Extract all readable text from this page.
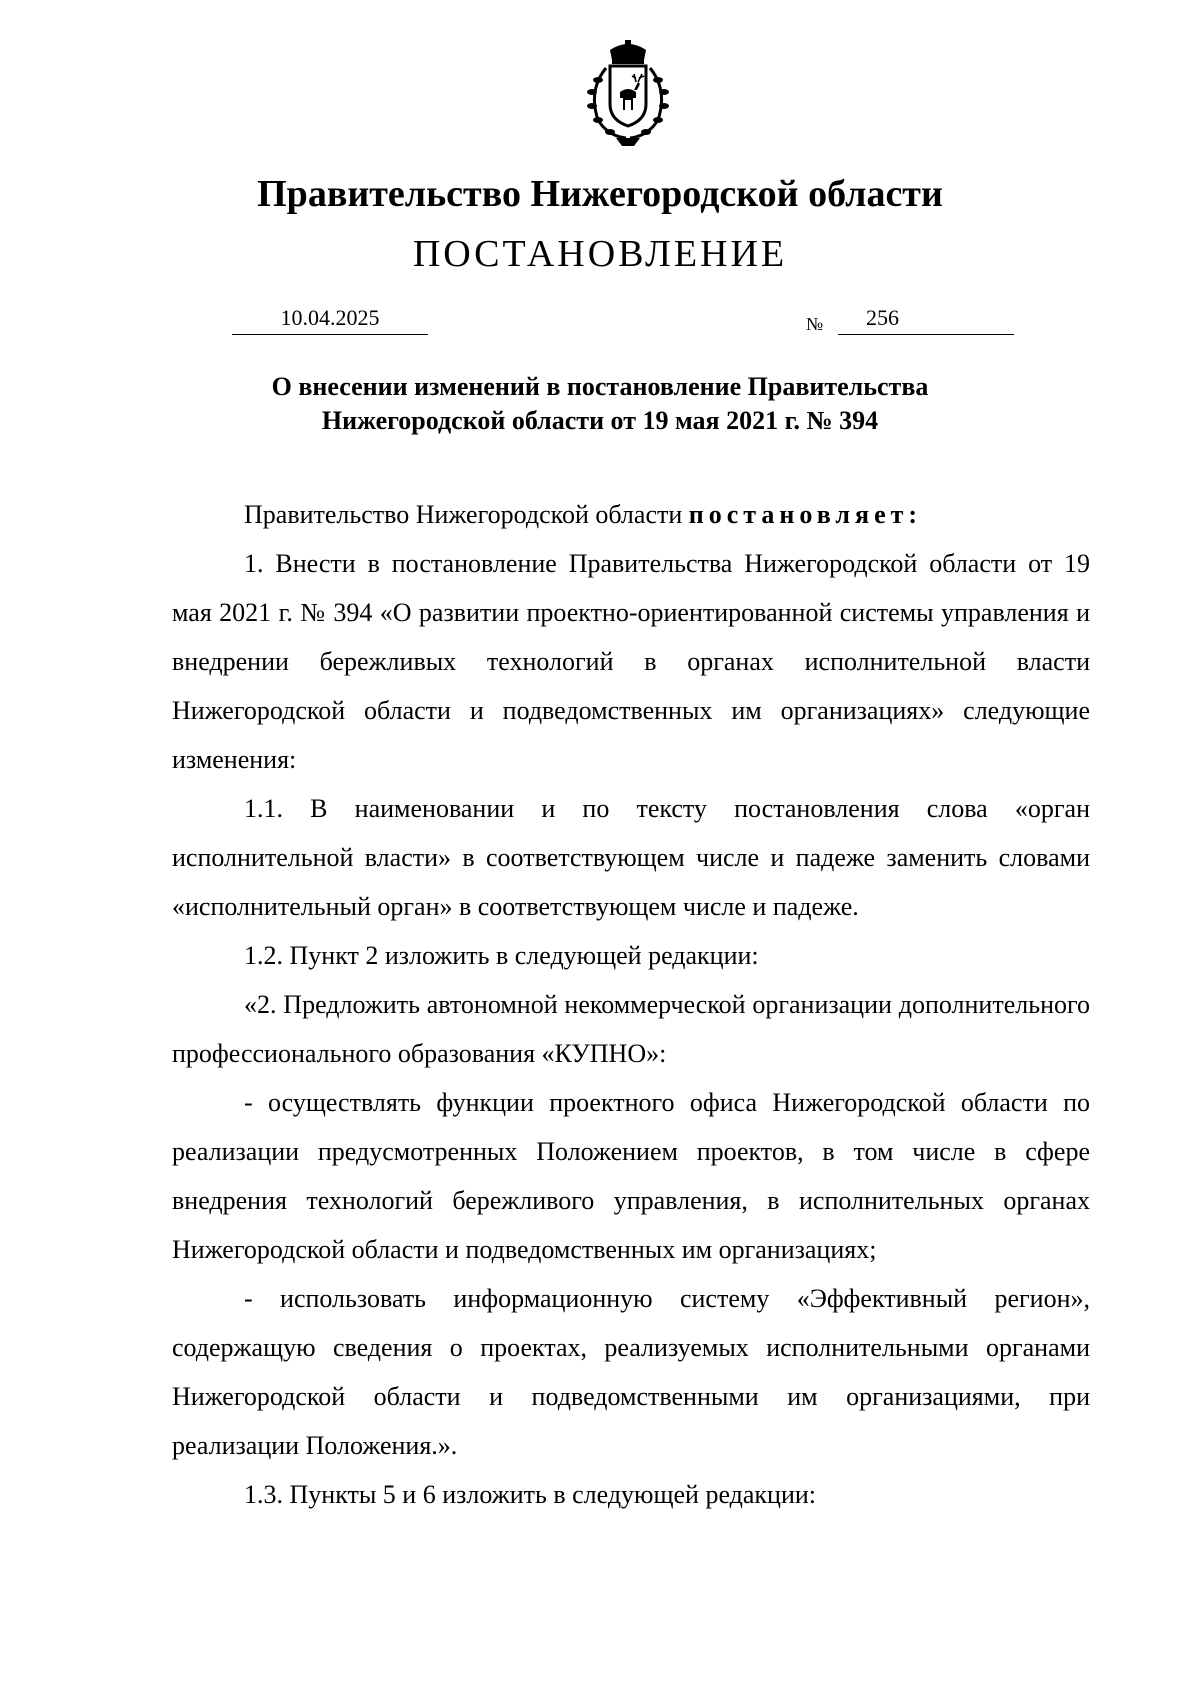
Правительство Нижегородской области
ПОСТАНОВЛЕНИЕ
10.04.2025	№ 256
О внесении изменений в постановление Правительства
Нижегородской области от 19 мая 2021 г. № 394

Правительство Нижегородской области постановляет:

1. Внести в постановление Правительства Нижегородской области от 19 мая 2021 г. № 394 «О развитии проектно-ориентированной системы управления и внедрении бережливых технологий в органах исполнительной власти Нижегородской области и подведомственных им организациях» следующие изменения:

1.1. В наименовании и по тексту постановления слова «орган исполнительной власти» в соответствующем числе и падеже заменить словами «исполнительный орган» в соответствующем числе и падеже.

1.2. Пункт 2 изложить в следующей редакции:

«2. Предложить автономной некоммерческой организации дополнительного профессионального образования «КУПНО»:

- осуществлять функции проектного офиса Нижегородской области по реализации предусмотренных Положением проектов, в том числе в сфере внедрения технологий бережливого управления, в исполнительных органах Нижегородской области и подведомственных им организациях;

- использовать информационную систему «Эффективный регион», содержащую сведения о проектах, реализуемых исполнительными органами Нижегородской области и подведомственными им организациями, при реализации Положения.».

1.3. Пункты 5 и 6 изложить в следующей редакции:
